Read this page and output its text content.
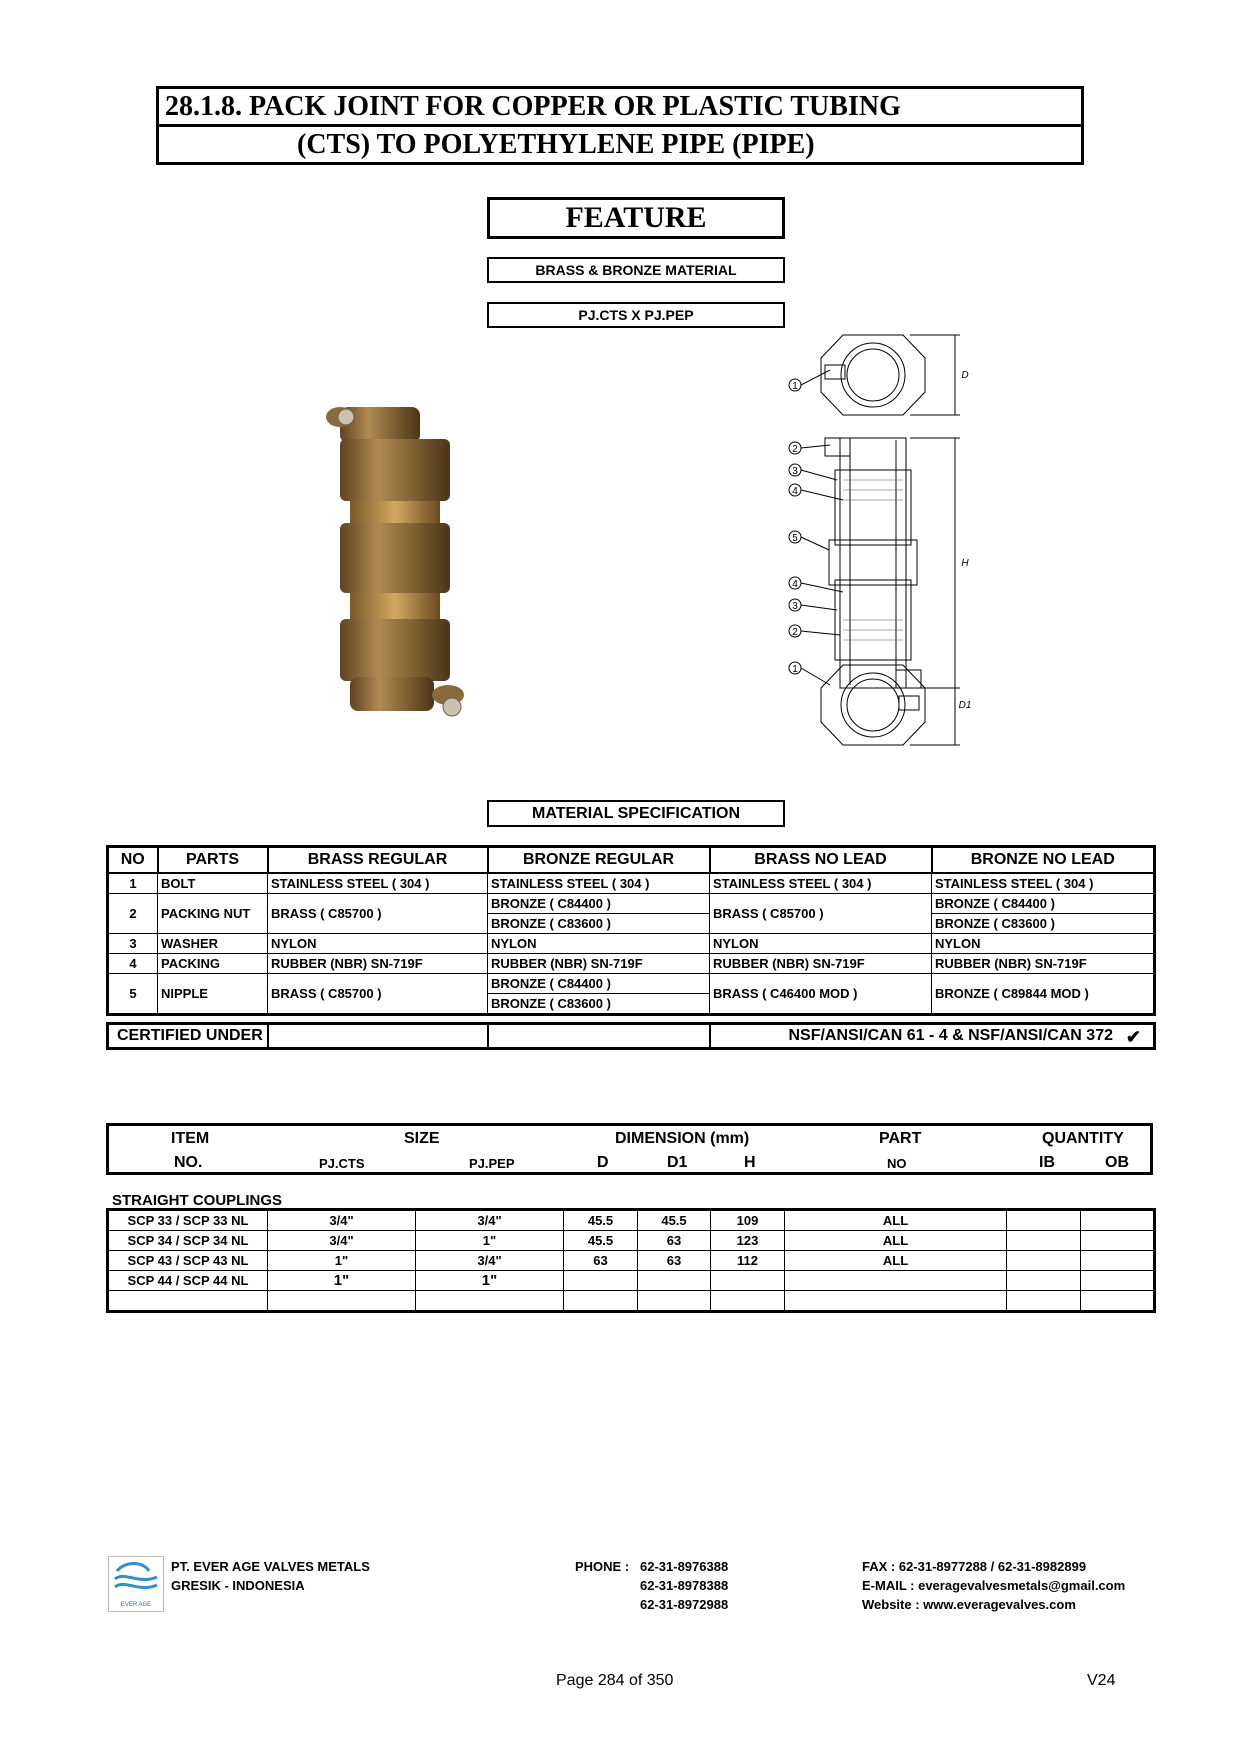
28.1.8. PACK JOINT FOR COPPER OR PLASTIC TUBING
(CTS) TO POLYETHYLENE PIPE (PIPE)
FEATURE
BRASS & BRONZE MATERIAL
PJ.CTS X PJ.PEP
1
2
3
4
5
4
3
2
1
D
H
D1
MATERIAL SPECIFICATION
NO	PARTS	BRASS REGULAR	BRONZE REGULAR	BRASS NO LEAD	BRONZE NO LEAD
1	BOLT	STAINLESS STEEL ( 304 )	STAINLESS STEEL ( 304 )	STAINLESS STEEL ( 304 )	STAINLESS STEEL ( 304 )
2	PACKING NUT	BRASS ( C85700 )	BRONZE ( C84400 )	BRASS ( C85700 )	BRONZE ( C84400 )
			BRONZE ( C83600 )		BRONZE ( C83600 )
3	WASHER	NYLON	NYLON	NYLON	NYLON
4	PACKING	RUBBER (NBR) SN-719F	RUBBER (NBR) SN-719F	RUBBER (NBR) SN-719F	RUBBER (NBR) SN-719F
5	NIPPLE	BRASS ( C85700 )	BRONZE ( C84400 )	BRASS ( C46400 MOD )	BRONZE ( C89844 MOD )
			BRONZE ( C83600 )		
CERTIFIED UNDER			NSF/ANSI/CAN 61 - 4 & NSF/ANSI/CAN 372 ✔
ITEM	SIZE	DIMENSION (mm)	PART	QUANTITY
NO.	PJ.CTS	PJ.PEP	D	D1	H	NO	IB	OB
STRAIGHT COUPLINGS
SCP 33 / SCP 33 NL	3/4"	3/4"	45.5	45.5	109	ALL		
SCP 34 / SCP 34 NL	3/4"	1"	45.5	63	123	ALL		
SCP 43 / SCP 43 NL	1"	3/4"	63	63	112	ALL		
SCP 44 / SCP 44 NL	1"	1"						

EVER AGE
PT. EVER AGE VALVES METALS
GRESIK - INDONESIA
PHONE : 62-31-8976388
62-31-8978388
62-31-8972988
FAX : 62-31-8977288 / 62-31-8982899
E-MAIL : everagevalvesmetals@gmail.com
Website : www.everagevalves.com
Page 284 of 350	V24
